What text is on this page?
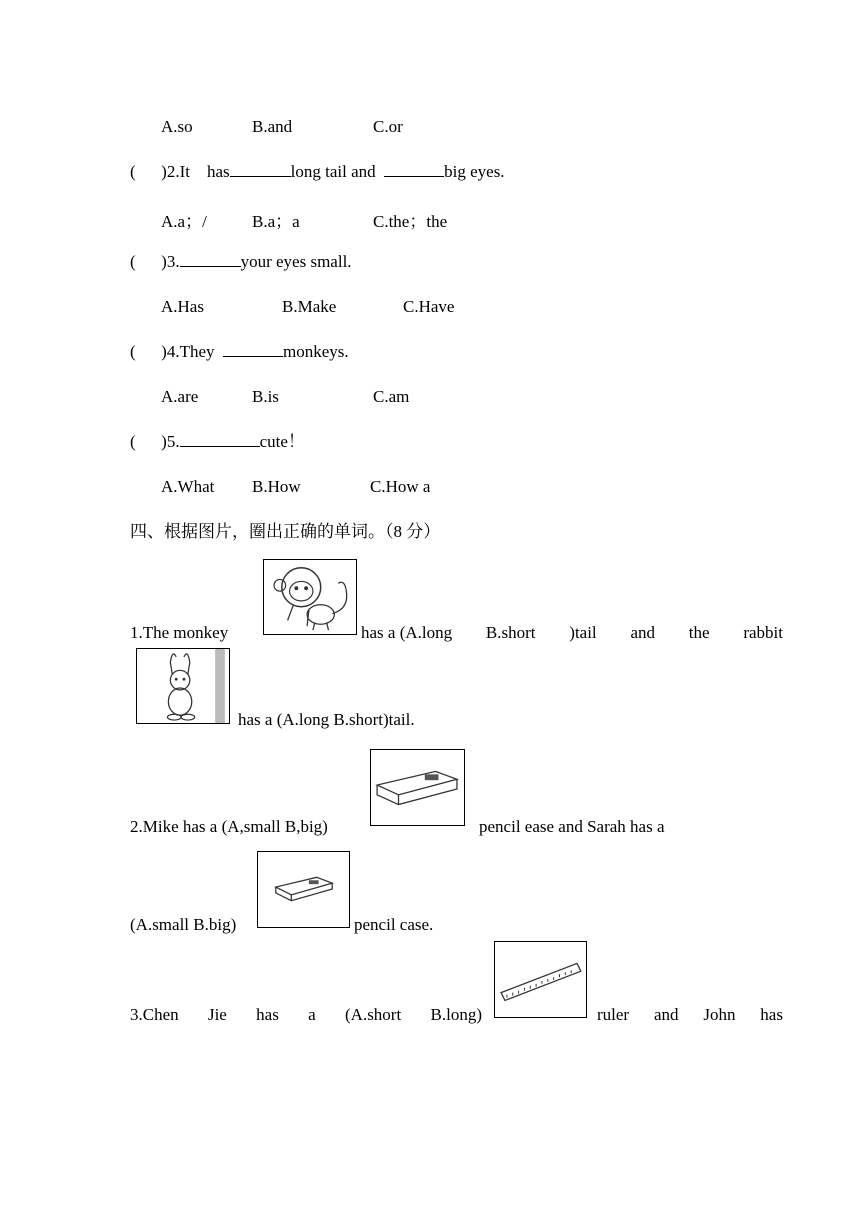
A.so	B.and	C.or
( )2.It has	long tail and	big eyes.
A.a；/	B.a；a	C.the；the
( )3.	your eyes small.
A.Has	B.Make	C.Have
( )4.They	monkeys.
A.are	B.is	C.am
( )5.	cute！
A.What B.How	C.How a
四、根据图片，圈出正确的单词。（8 分）
1.The monkey	has a (A.long B.short )tail and the rabbit
has a (A.long B.short)tail.
2.Mike has a (A,small B,big)	pencil ease and Sarah has a
(A.small B.big)	pencil case.
3.Chen Jie has a (A.short B.long)	ruler and John has
